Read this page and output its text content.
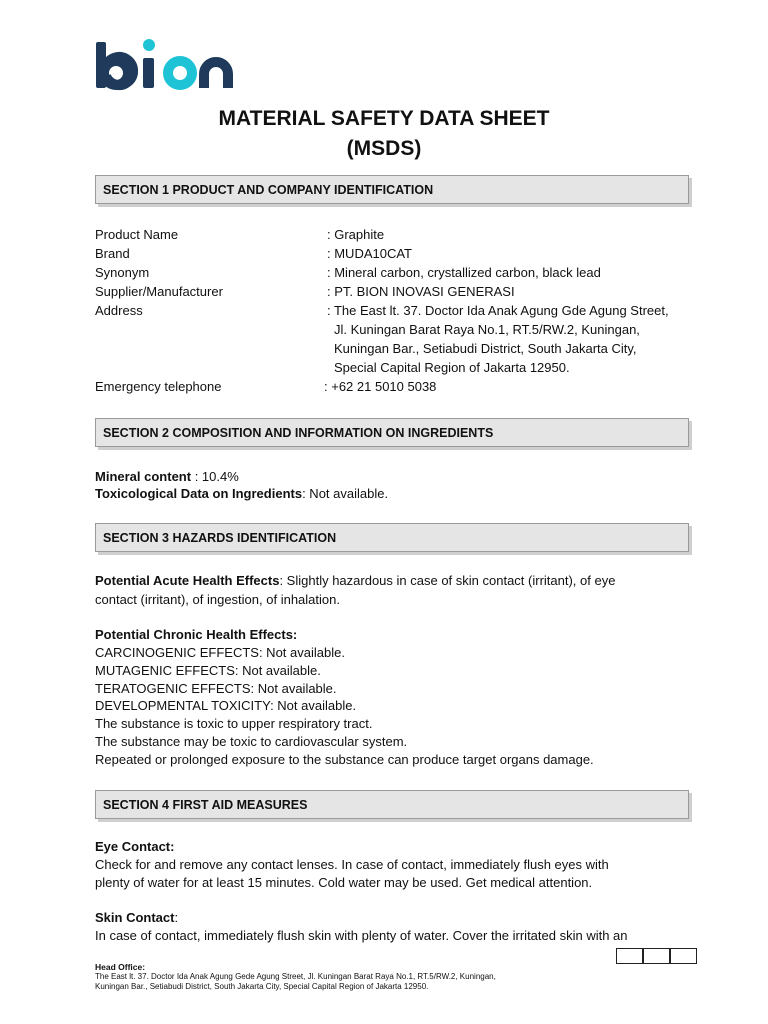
MATERIAL SAFETY DATA SHEET
(MSDS)
SECTION 1 PRODUCT AND COMPANY IDENTIFICATION
Product Name	: Graphite
Brand	: MUDA10CAT
Synonym	: Mineral carbon, crystallized carbon, black lead
Supplier/Manufacturer	: PT. BION INOVASI GENERASI
Address	: The East lt. 37. Doctor Ida Anak Agung Gde Agung Street,
Jl. Kuningan Barat Raya No.1, RT.5/RW.2, Kuningan,
Kuningan Bar., Setiabudi District, South Jakarta City,
Special Capital Region of Jakarta 12950.
Emergency telephone	: +62 21 5010 5038
SECTION 2 COMPOSITION AND INFORMATION ON INGREDIENTS
Mineral content : 10.4%
Toxicological Data on Ingredients: Not available.
SECTION 3 HAZARDS IDENTIFICATION
Potential Acute Health Effects: Slightly hazardous in case of skin contact (irritant), of eye
contact (irritant), of ingestion, of inhalation.
Potential Chronic Health Effects:
CARCINOGENIC EFFECTS: Not available.
MUTAGENIC EFFECTS: Not available.
TERATOGENIC EFFECTS: Not available.
DEVELOPMENTAL TOXICITY: Not available.
The substance is toxic to upper respiratory tract.
The substance may be toxic to cardiovascular system.
Repeated or prolonged exposure to the substance can produce target organs damage.
SECTION 4 FIRST AID MEASURES
Eye Contact:
Check for and remove any contact lenses. In case of contact, immediately flush eyes with
plenty of water for at least 15 minutes. Cold water may be used. Get medical attention.
Skin Contact:
In case of contact, immediately flush skin with plenty of water. Cover the irritated skin with an
Head Office:
The East lt. 37. Doctor Ida Anak Agung Gede Agung Street, Jl. Kuningan Barat Raya No.1, RT.5/RW.2, Kuningan,
Kuningan Bar., Setiabudi District, South Jakarta City, Special Capital Region of Jakarta 12950.
